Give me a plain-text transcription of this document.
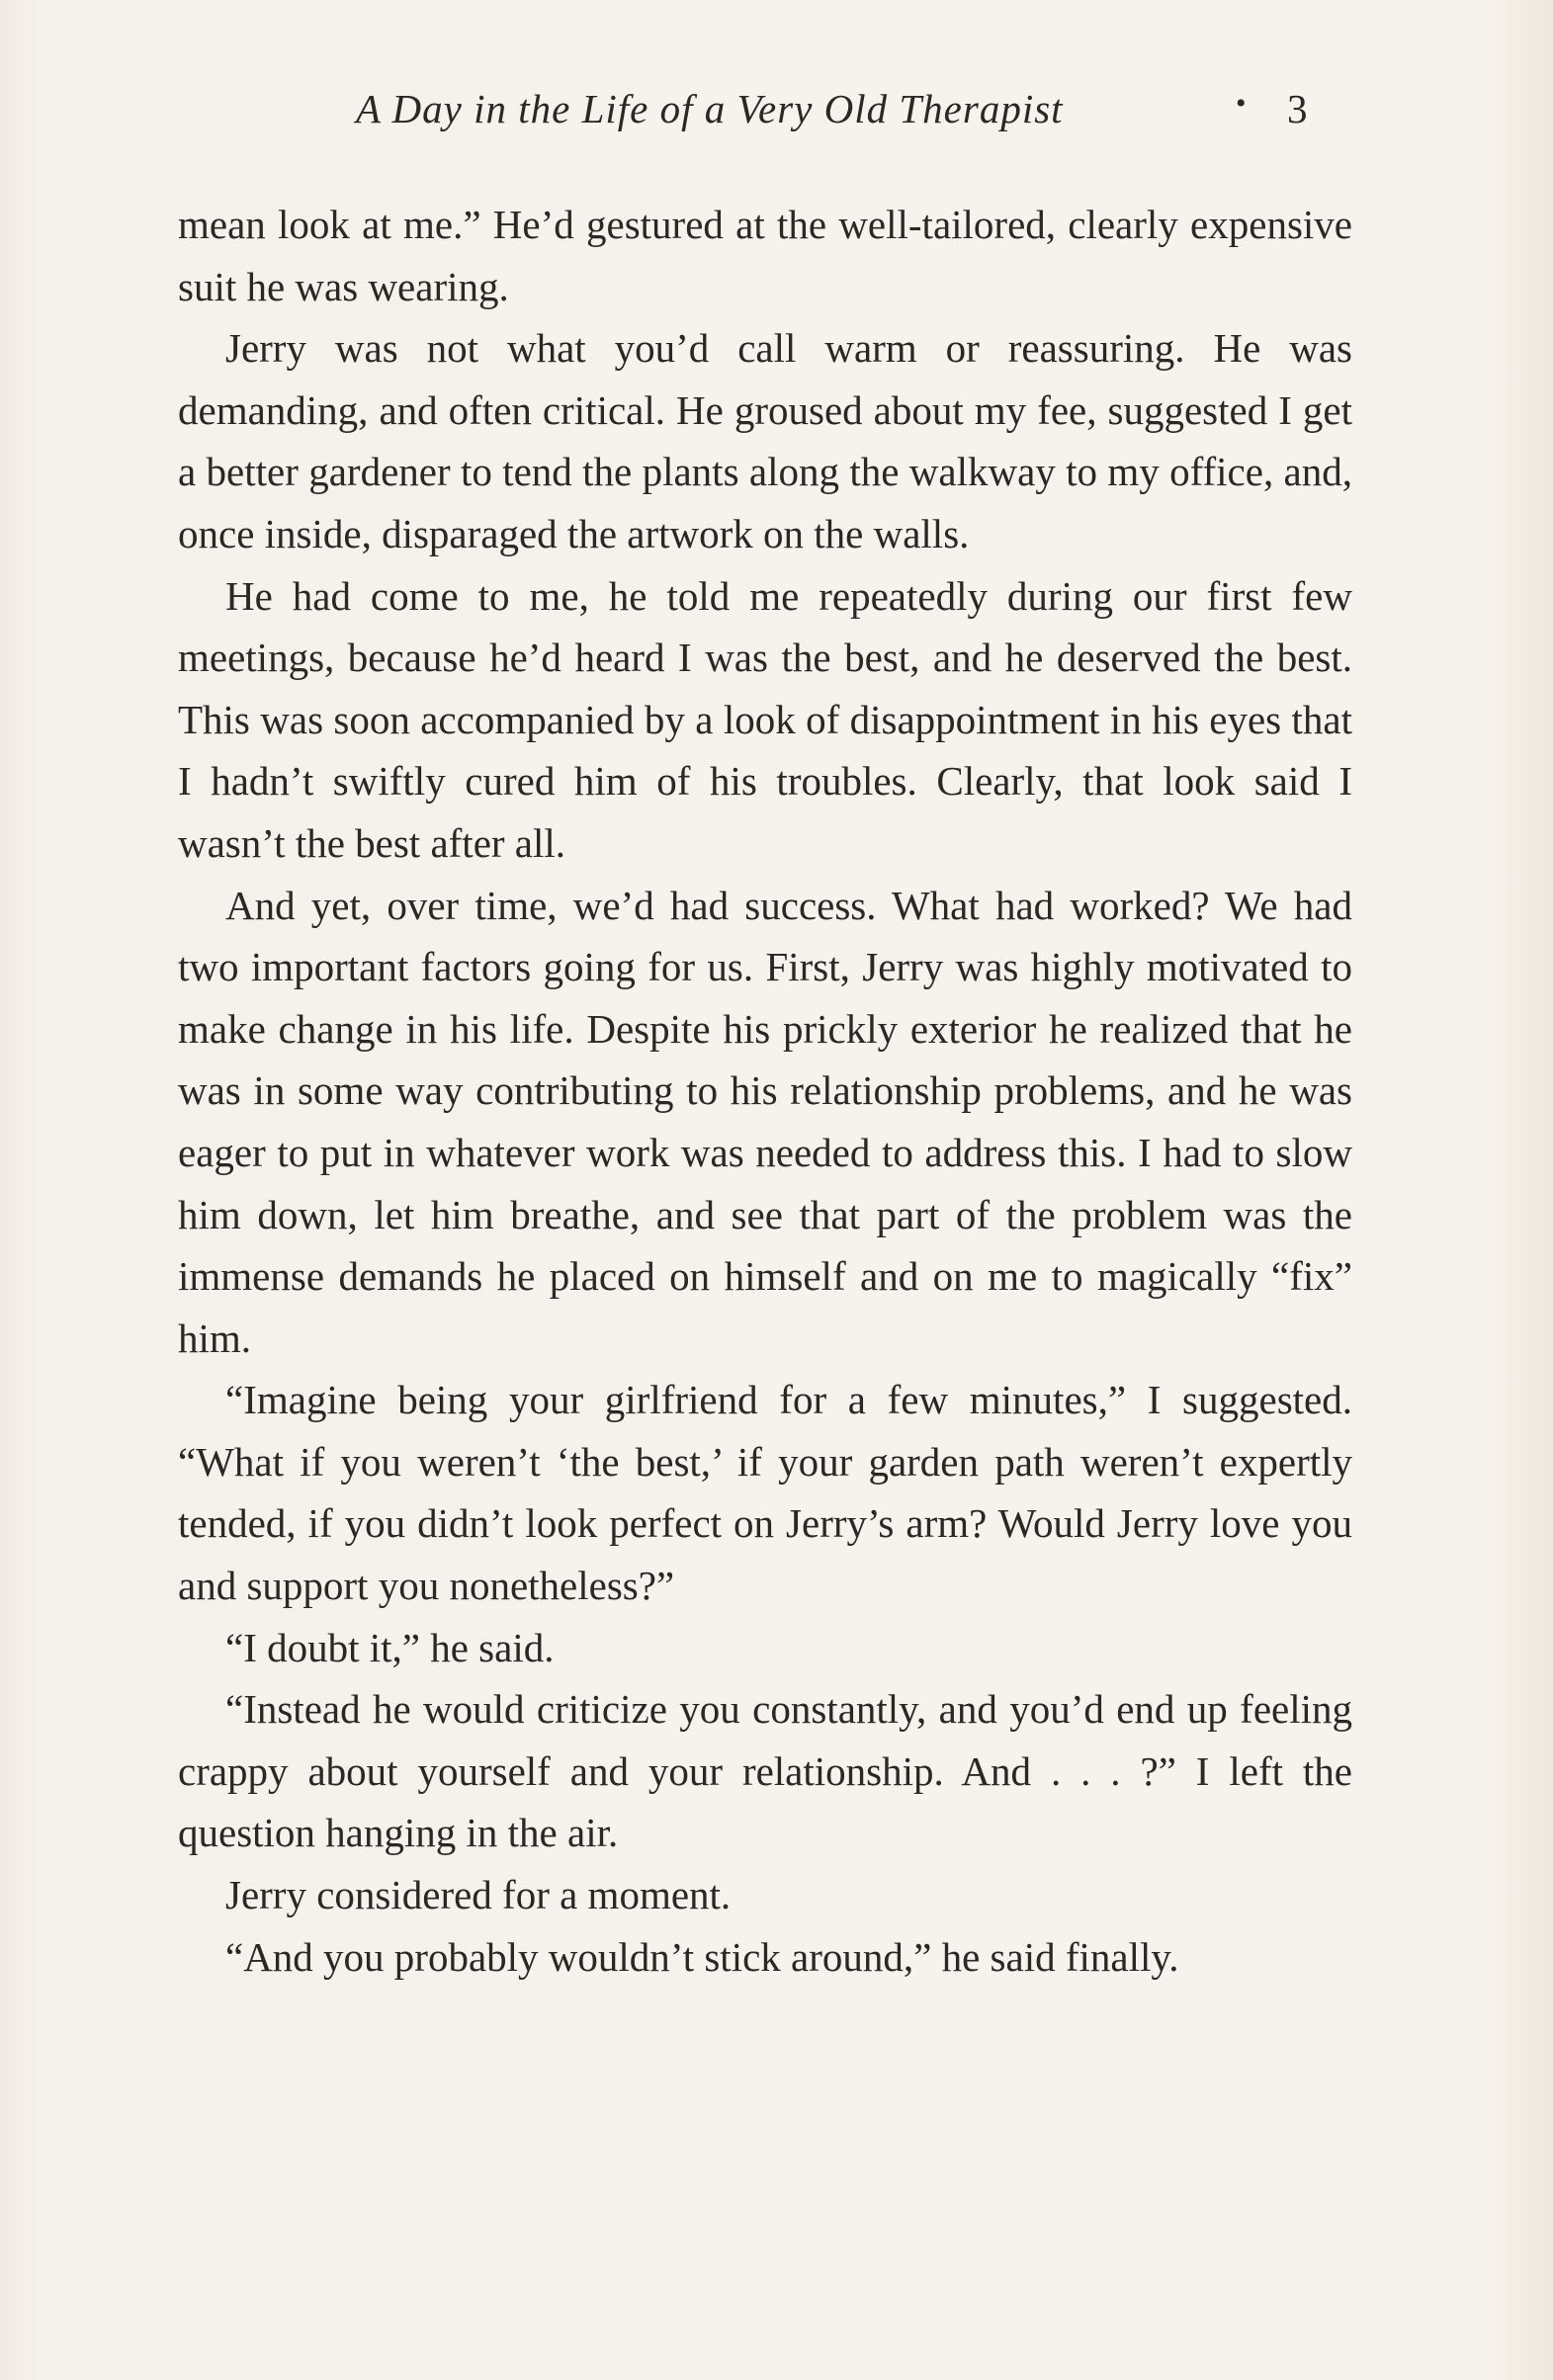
A Day in the Life of a Very Old Therapist	• 3

mean look at me.” He’d gestured at the well-tailored, clearly expensive suit he was wearing.

Jerry was not what you’d call warm or reassuring. He was demanding, and often critical. He groused about my fee, suggested I get a better gardener to tend the plants along the walkway to my office, and, once inside, disparaged the artwork on the walls.

He had come to me, he told me repeatedly during our first few meetings, because he’d heard I was the best, and he deserved the best. This was soon accompanied by a look of disappointment in his eyes that I hadn’t swiftly cured him of his troubles. Clearly, that look said I wasn’t the best after all.

And yet, over time, we’d had success. What had worked? We had two important factors going for us. First, Jerry was highly motivated to make change in his life. Despite his prickly exterior he realized that he was in some way contributing to his relationship problems, and he was eager to put in whatever work was needed to address this. I had to slow him down, let him breathe, and see that part of the problem was the immense demands he placed on himself and on me to magically “fix” him.

“Imagine being your girlfriend for a few minutes,” I suggested. “What if you weren’t ‘the best,’ if your garden path weren’t expertly tended, if you didn’t look perfect on Jerry’s arm? Would Jerry love you and support you nonetheless?”

“I doubt it,” he said.

“Instead he would criticize you constantly, and you’d end up feeling crappy about yourself and your relationship. And . . . ?” I left the question hanging in the air.

Jerry considered for a moment.

“And you probably wouldn’t stick around,” he said finally.
